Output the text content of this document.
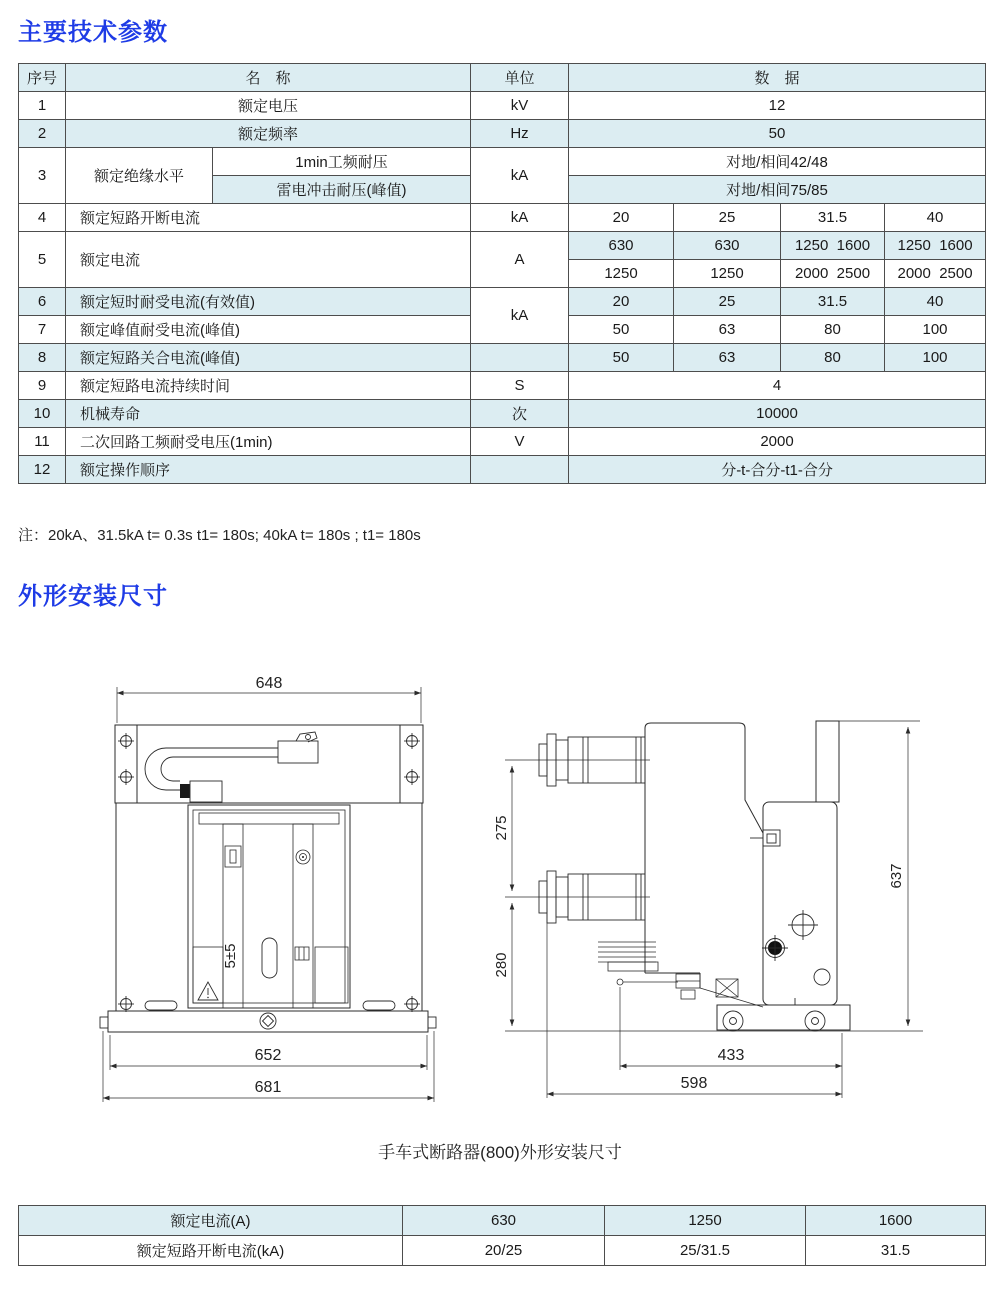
主要技术参数
序号	名　称		单位	数　据			
1	额定电压		kV	12			
2	额定频率		Hz	50			
3	额定绝缘水平	1min工频耐压	kA	对地/相间42/48			
		雷电冲击耐压(峰值)		对地/相间75/85			
4	额定短路开断电流		kA	20	25	31.5	40
5	额定电流		A	630	630	1250  1600	1250  1600
				1250	1250	2000  2500	2000  2500
6	额定短时耐受电流(有效值)		kA	20	25	31.5	40
7	额定峰值耐受电流(峰值)			50	63	80	100
8	额定短路关合电流(峰值)			50	63	80	100
9	额定短路电流持续时间		S	4			
10	机械寿命		次	10000			
11	二次回路工频耐受电压(1min)		V	2000			
12	额定操作顺序			分-t-合分-t1-合分			
注：20kA、31.5kA t= 0.3s t1= 180s; 40kA t= 180s ; t1= 180s
外形安装尺寸
648
5±5
652
681
275
280
637
433
598
手车式断路器(800)外形安装尺寸
额定电流(A)	630	1250	1600
额定短路开断电流(kA)	20/25	25/31.5	31.5
